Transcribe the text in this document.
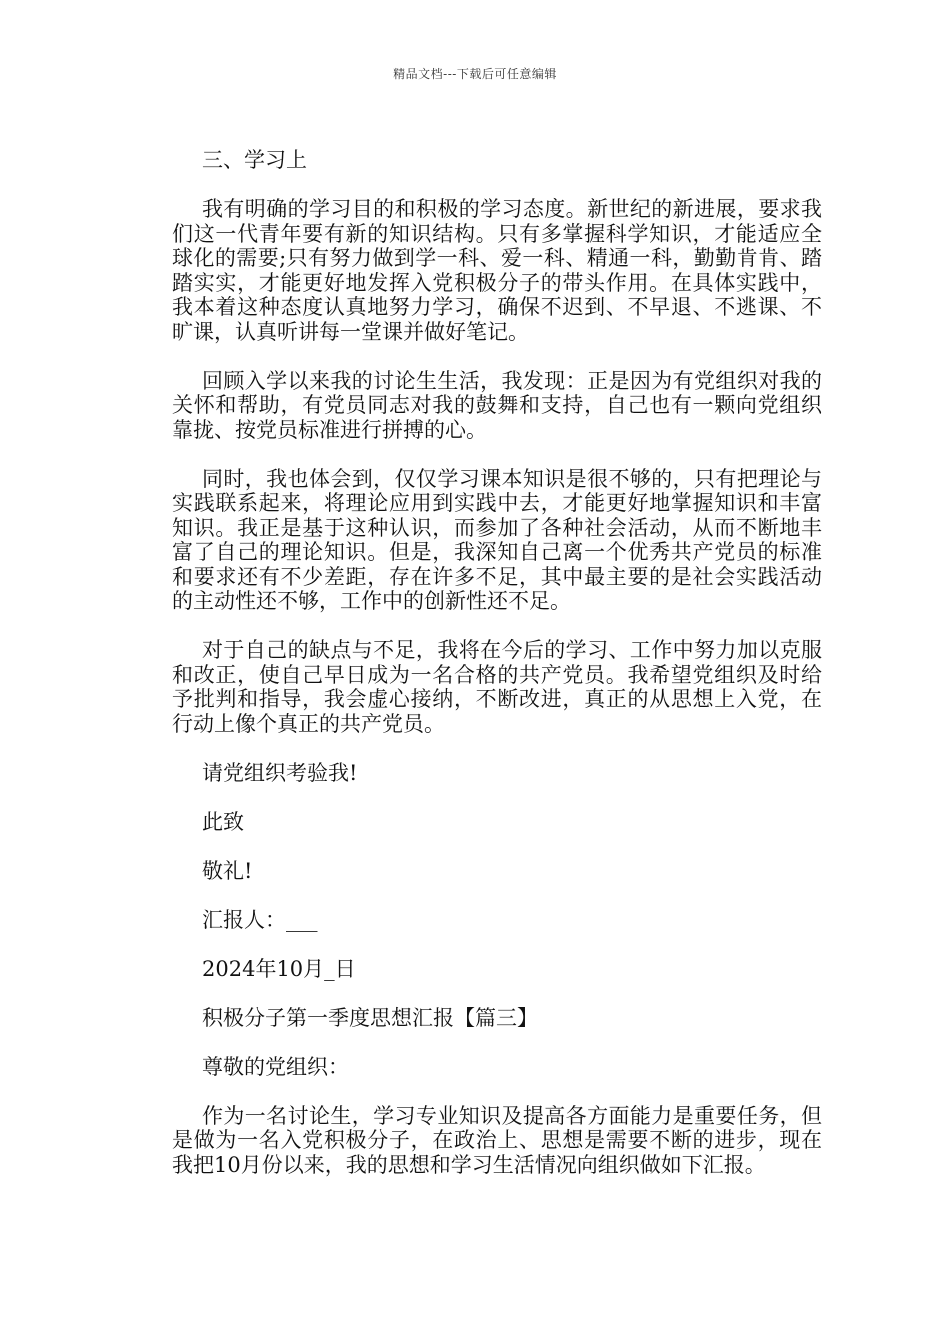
精品文档---下载后可任意编辑
三、学习上
我有明确的学习目的和积极的学习态度。新世纪的新进展，要求我们这一代青年要有新的知识结构。只有多掌握科学知识，才能适应全球化的需要;只有努力做到学一科、爱一科、精通一科，勤勤肯肯、踏踏实实，才能更好地发挥入党积极分子的带头作用。在具体实践中，我本着这种态度认真地努力学习，确保不迟到、不早退、不逃课、不旷课，认真听讲每一堂课并做好笔记。
回顾入学以来我的讨论生生活，我发现：正是因为有党组织对我的关怀和帮助，有党员同志对我的鼓舞和支持，自己也有一颗向党组织靠拢、按党员标准进行拼搏的心。
同时，我也体会到，仅仅学习课本知识是很不够的，只有把理论与实践联系起来，将理论应用到实践中去，才能更好地掌握知识和丰富知识。我正是基于这种认识，而参加了各种社会活动，从而不断地丰富了自己的理论知识。但是，我深知自己离一个优秀共产党员的标准和要求还有不少差距，存在许多不足，其中最主要的是社会实践活动的主动性还不够，工作中的创新性还不足。
对于自己的缺点与不足，我将在今后的学习、工作中努力加以克服和改正，使自己早日成为一名合格的共产党员。我希望党组织及时给予批判和指导，我会虚心接纳，不断改进，真正的从思想上入党，在行动上像个真正的共产党员。
请党组织考验我!
此致
敬礼!
汇报人：___
2024年10月_日
积极分子第一季度思想汇报【篇三】
尊敬的党组织：
作为一名讨论生，学习专业知识及提高各方面能力是重要任务，但是做为一名入党积极分子，在政治上、思想是需要不断的进步，现在我把10月份以来，我的思想和学习生活情况向组织做如下汇报。
